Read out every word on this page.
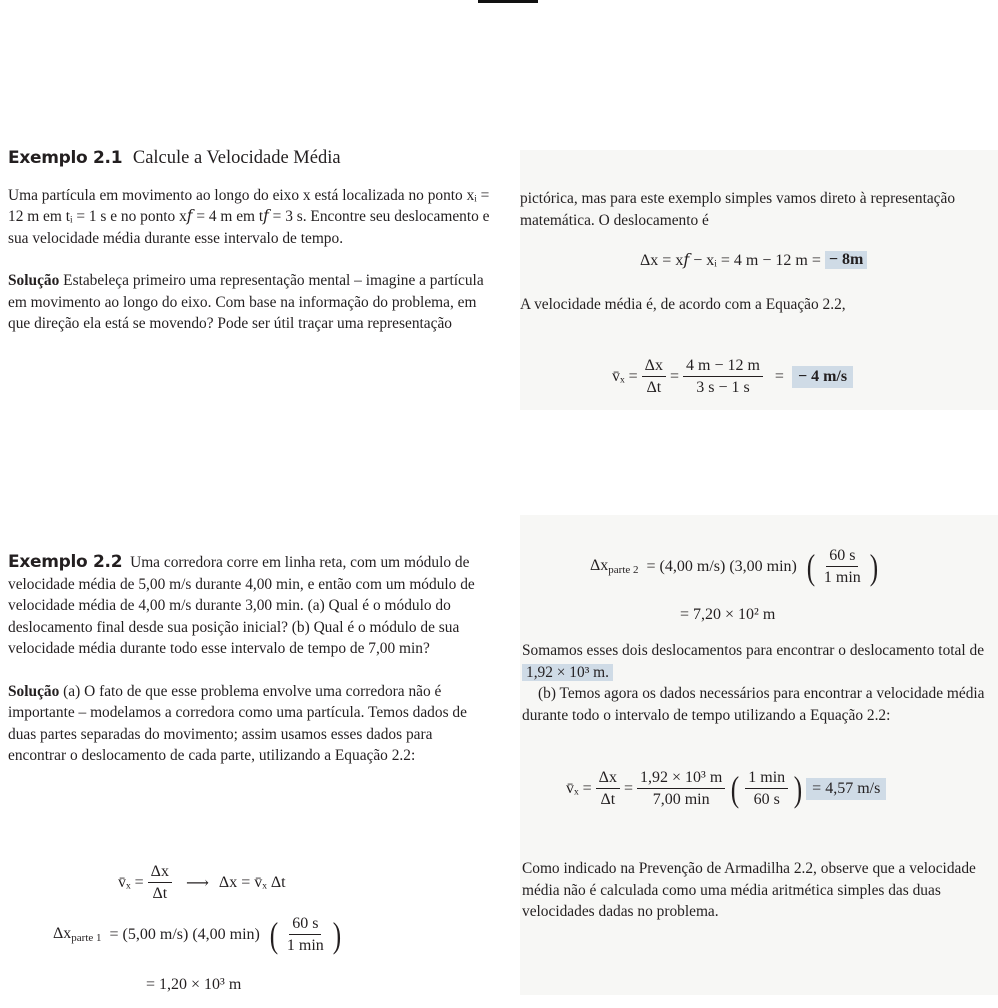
Exemplo 2.1 Calcule a Velocidade Média

Uma partícula em movimento ao longo do eixo x está localizada no ponto xᵢ = 12 m em tᵢ = 1 s e no ponto x𝑓 = 4 m em t𝑓 = 3 s. Encontre seu deslocamento e sua velocidade média durante esse intervalo de tempo.

Solução Estabeleça primeiro uma representação mental – imagine a partícula em movimento ao longo do eixo. Com base na informação do problema, em que direção ela está se movendo? Pode ser útil traçar uma representação

pictórica, mas para este exemplo simples vamos direto à representação matemática. O deslocamento é

Δx = x𝑓 − xᵢ = 4 m − 12 m = − 8m

A velocidade média é, de acordo com a Equação 2.2,

v̄ₓ = $\frac{\Delta x}{\Delta t} = \frac{4 m - 12 m}{3 s - 1 s}$ = − 4 m/s

Exemplo 2.2 Uma corredora corre em linha reta, com um módulo de velocidade média de 5,00 m/s durante 4,00 min, e então com um módulo de velocidade média de 4,00 m/s durante 3,00 min. (a) Qual é o módulo do deslocamento final desde sua posição inicial? (b) Qual é o módulo de sua velocidade média durante todo esse intervalo de tempo de 7,00 min?

Solução (a) O fato de que esse problema envolve uma corredora não é importante – modelamos a corredora como uma partícula. Temos dados de duas partes separadas do movimento; assim usamos esses dados para encontrar o deslocamento de cada parte, utilizando a Equação 2.2:

v̄ₓ = $\frac{\Delta x}{\Delta t}$ ⟶ Δx = v̄ₓ Δt
$\Delta x_{parte 1} = (5,00$ m/s) (4,00 min) ( $\frac{60 s}{1 \min}$ )
= 1,20 × 10³ m
$\Delta x_{parte 2} = (4,00$ m/s) (3,00 min) ( $\frac{60 s}{1 \min}$ )
= 7,20 × 10² m

Somamos esses dois deslocamentos para encontrar o deslocamento total de 1,92 × 10³ m.

(b) Temos agora os dados necessários para encontrar a velocidade média durante todo o intervalo de tempo utilizando a Equação 2.2:

v̄ₓ = $\frac{\Delta x}{\Delta t} = \frac{\text{1,92 × 10³ m}}{7,00 \min}$ ( $\frac{1 \min}{60 s}$ ) = 4,57 m/s

Como indicado na Prevenção de Armadilha 2.2, observe que a velocidade média não é calculada como uma média aritmética simples das duas velocidades dadas no problema.
